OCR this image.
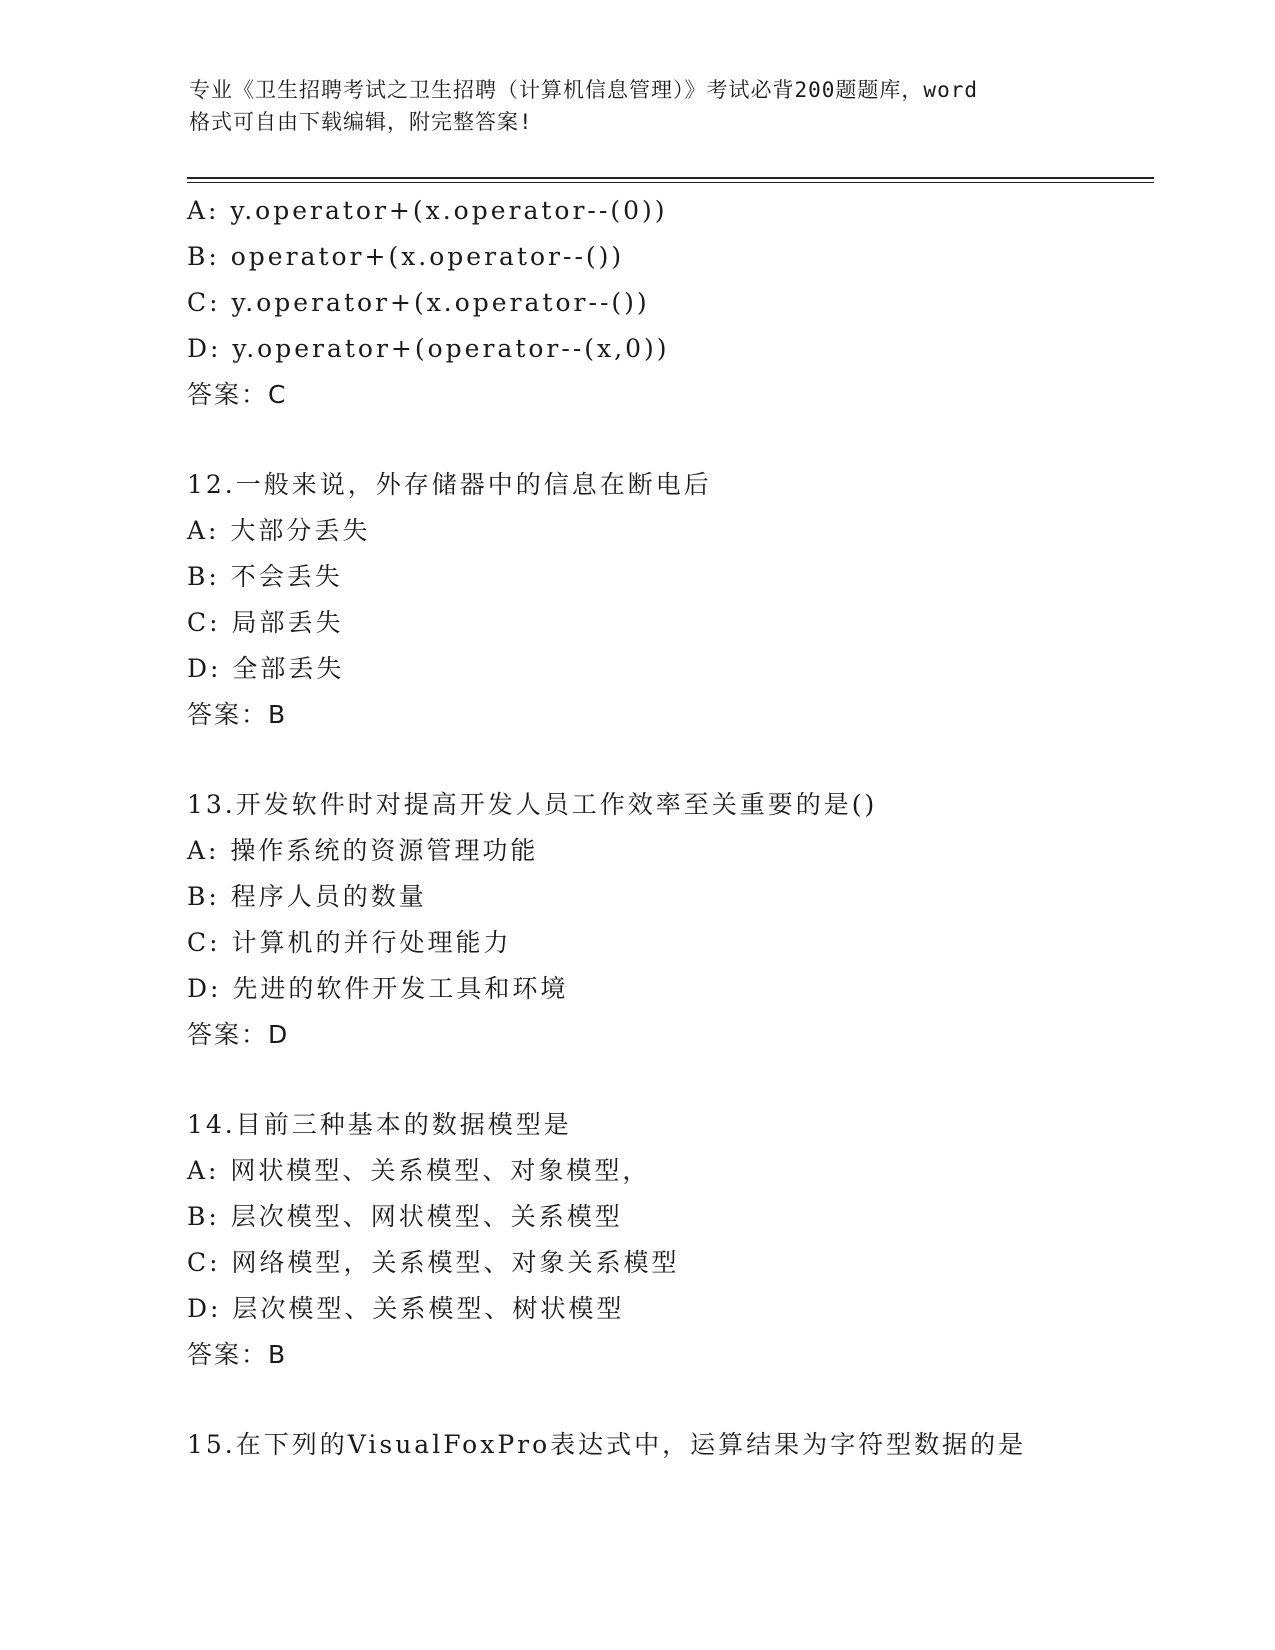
专业《卫生招聘考试之卫生招聘（计算机信息管理）》考试必背200题题库，word
格式可自由下载编辑，附完整答案!
A: y.operator+(x.operator--(0))
B: operator+(x.operator--())
C: y.operator+(x.operator--())
D: y.operator+(operator--(x,0))
答案：C
12.一般来说，外存储器中的信息在断电后
A: 大部分丢失
B: 不会丢失
C: 局部丢失
D: 全部丢失
答案：B
13.开发软件时对提高开发人员工作效率至关重要的是()
A: 操作系统的资源管理功能
B: 程序人员的数量
C: 计算机的并行处理能力
D: 先进的软件开发工具和环境
答案：D
14.目前三种基本的数据模型是
A: 网状模型、关系模型、对象模型，
B: 层次模型、网状模型、关系模型
C: 网络模型，关系模型、对象关系模型
D: 层次模型、关系模型、树状模型
答案：B
15.在下列的VisualFoxPro表达式中，运算结果为字符型数据的是
